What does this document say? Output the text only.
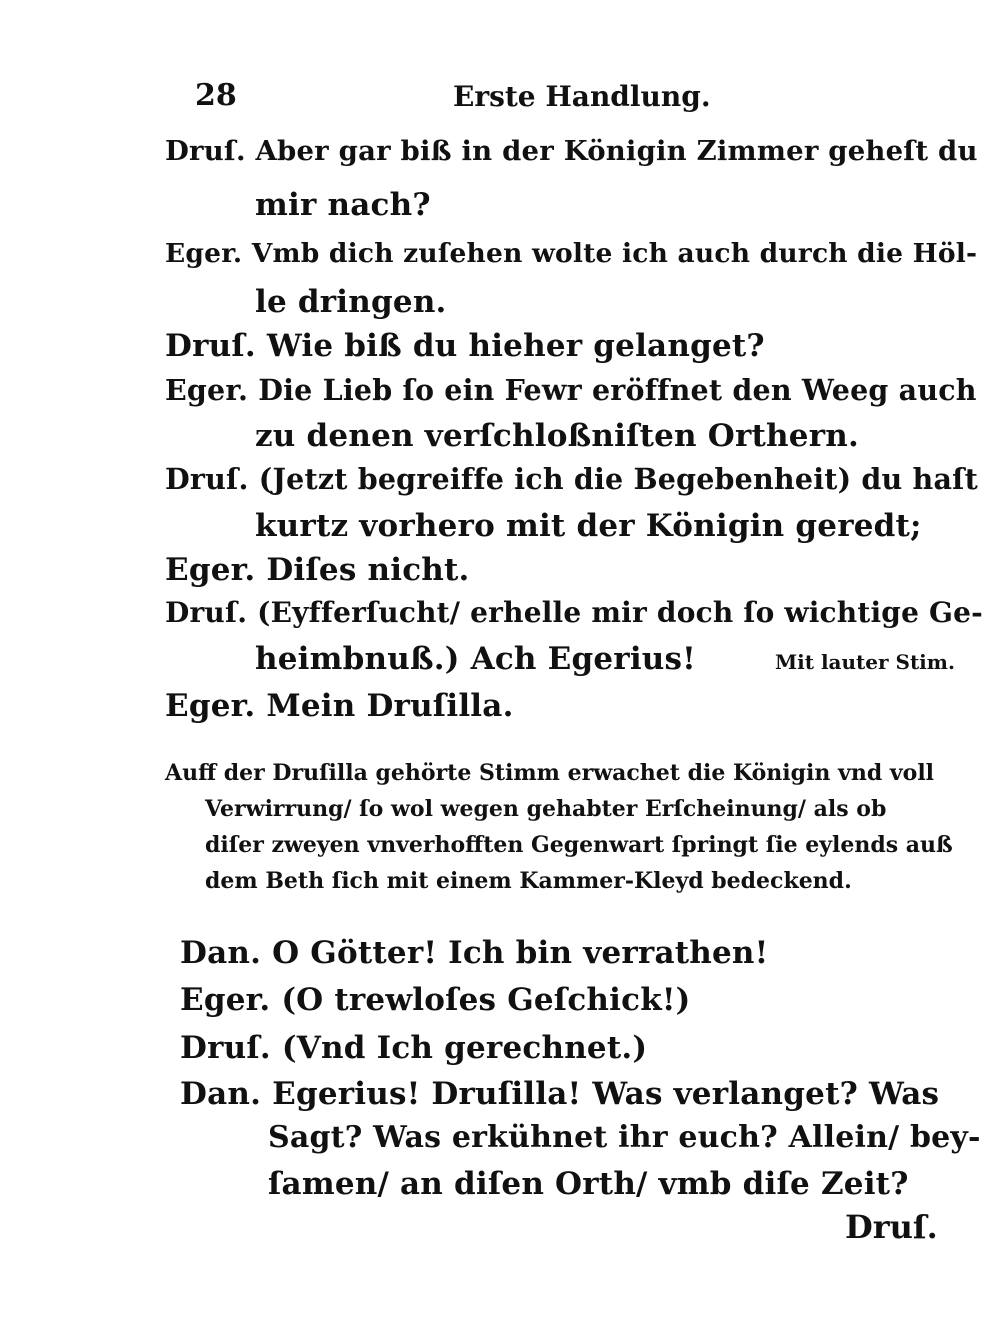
28	Erste Handlung.
Druſ. Aber gar biß in der Königin Zimmer geheſt du
mir nach?
Eger. Vmb dich zuſehen wolte ich auch durch die Höl-
le dringen.
Druſ. Wie biß du hieher gelanget?
Eger. Die Lieb ſo ein Fewr eröffnet den Weeg auch
zu denen verſchloßniſten Orthern.
Druſ. (Jetzt begreiffe ich die Begebenheit) du haſt
kurtz vorhero mit der Königin geredt;
Eger. Diſes nicht.
Druſ. (Eyfferſucht/ erhelle mir doch ſo wichtige Ge-
heimbnuß.) Ach Egerius!	Mit lauter Stim.
Eger. Mein Druſilla.
Auff der Druſilla gehörte Stimm erwachet die Königin vnd voll
Verwirrung/ ſo wol wegen gehabter Erſcheinung/ als ob
diſer zweyen vnverhofften Gegenwart ſpringt ſie eylends auß
dem Beth ſich mit einem Kammer-Kleyd bedeckend.
Dan. O Götter! Ich bin verrathen!
Eger. (O trewloſes Geſchick!)
Druſ. (Vnd Ich gerechnet.)
Dan. Egerius! Druſilla! Was verlanget? Was
Sagt? Was erkühnet ihr euch? Allein/ bey-
ſamen/ an diſen Orth/ vmb diſe Zeit?
Druſ.
